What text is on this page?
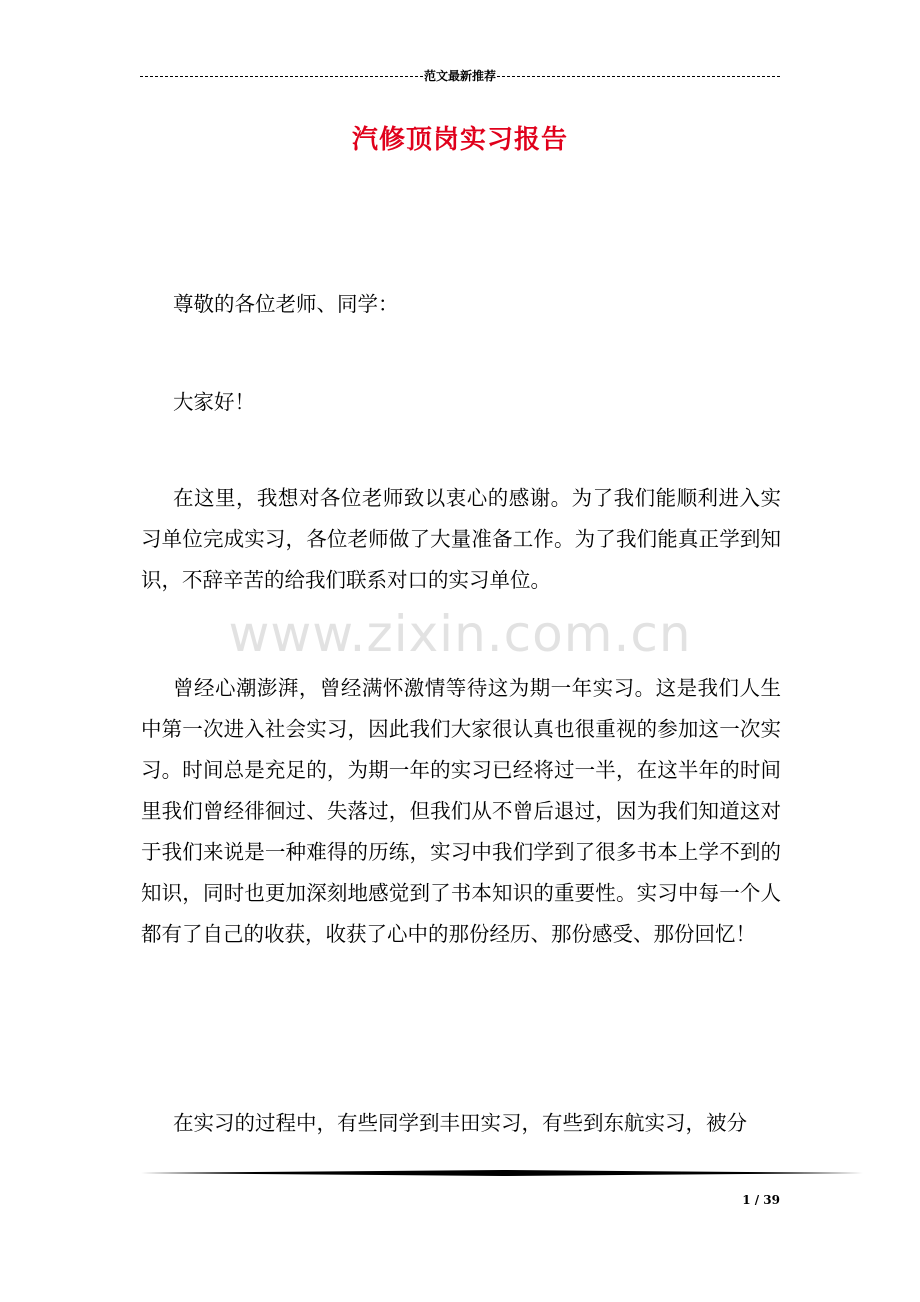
范文最新推荐
汽修顶岗实习报告

尊敬的各位老师、同学：

大家好！

在这里，我想对各位老师致以衷心的感谢。为了我们能顺利进入实习单位完成实习，各位老师做了大量准备工作。为了我们能真正学到知识，不辞辛苦的给我们联系对口的实习单位。

曾经心潮澎湃，曾经满怀激情等待这为期一年实习。这是我们人生中第一次进入社会实习，因此我们大家很认真也很重视的参加这一次实习。时间总是充足的，为期一年的实习已经将过一半，在这半年的时间里我们曾经徘徊过、失落过，但我们从不曾后退过，因为我们知道这对于我们来说是一种难得的历练，实习中我们学到了很多书本上学不到的知识，同时也更加深刻地感觉到了书本知识的重要性。实习中每一个人都有了自己的收获，收获了心中的那份经历、那份感受、那份回忆！

在实习的过程中，有些同学到丰田实习，有些到东航实习，被分

www.zixin.com.cn
1 / 39
